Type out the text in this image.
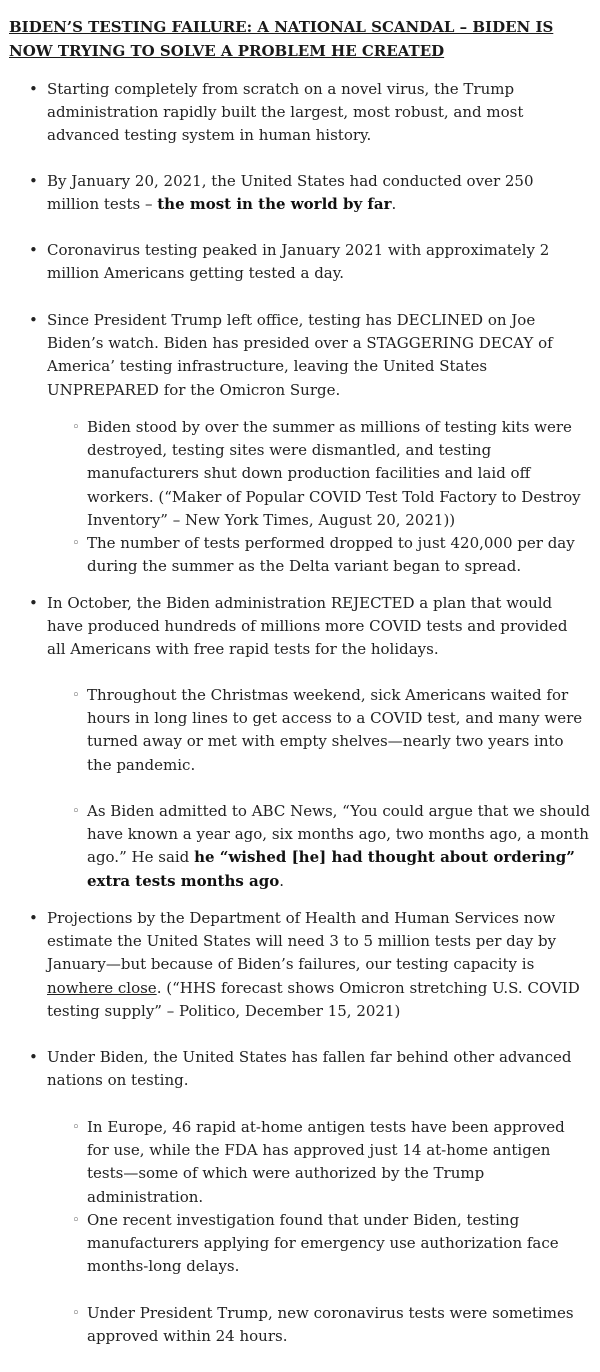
BIDEN’S TESTING FAILURE: A NATIONAL SCANDAL – BIDEN IS NOW TRYING TO SOLVE A PROBLEM HE CREATED
• Starting completely from scratch on a novel virus, the Trump administration rapidly built the largest, most robust, and most advanced testing system in human history.
• By January 20, 2021, the United States had conducted over 250 million tests – the most in the world by far.
• Coronavirus testing peaked in January 2021 with approximately 2 million Americans getting tested a day.
• Since President Trump left office, testing has DECLINED on Joe Biden’s watch. Biden has presided over a STAGGERING DECAY of America’ testing infrastructure, leaving the United States UNPREPARED for the Omicron Surge.
◦ Biden stood by over the summer as millions of testing kits were destroyed, testing sites were dismantled, and testing manufacturers shut down production facilities and laid off workers. (“Maker of Popular COVID Test Told Factory to Destroy Inventory” – New York Times, August 20, 2021))
◦ The number of tests performed dropped to just 420,000 per day during the summer as the Delta variant began to spread.
• In October, the Biden administration REJECTED a plan that would have produced hundreds of millions more COVID tests and provided all Americans with free rapid tests for the holidays.
◦ Throughout the Christmas weekend, sick Americans waited for hours in long lines to get access to a COVID test, and many were turned away or met with empty shelves—nearly two years into the pandemic.
◦ As Biden admitted to ABC News, “You could argue that we should have known a year ago, six months ago, two months ago, a month ago.” He said he “wished [he] had thought about ordering” extra tests months ago.
• Projections by the Department of Health and Human Services now estimate the United States will need 3 to 5 million tests per day by January—but because of Biden’s failures, our testing capacity is nowhere close. (“HHS forecast shows Omicron stretching U.S. COVID testing supply” – Politico, December 15, 2021)
• Under Biden, the United States has fallen far behind other advanced nations on testing.
◦ In Europe, 46 rapid at-home antigen tests have been approved for use, while the FDA has approved just 14 at-home antigen tests—some of which were authorized by the Trump administration.
◦ One recent investigation found that under Biden, testing manufacturers applying for emergency use authorization face months-long delays.
◦ Under President Trump, new coronavirus tests were sometimes approved within 24 hours.
